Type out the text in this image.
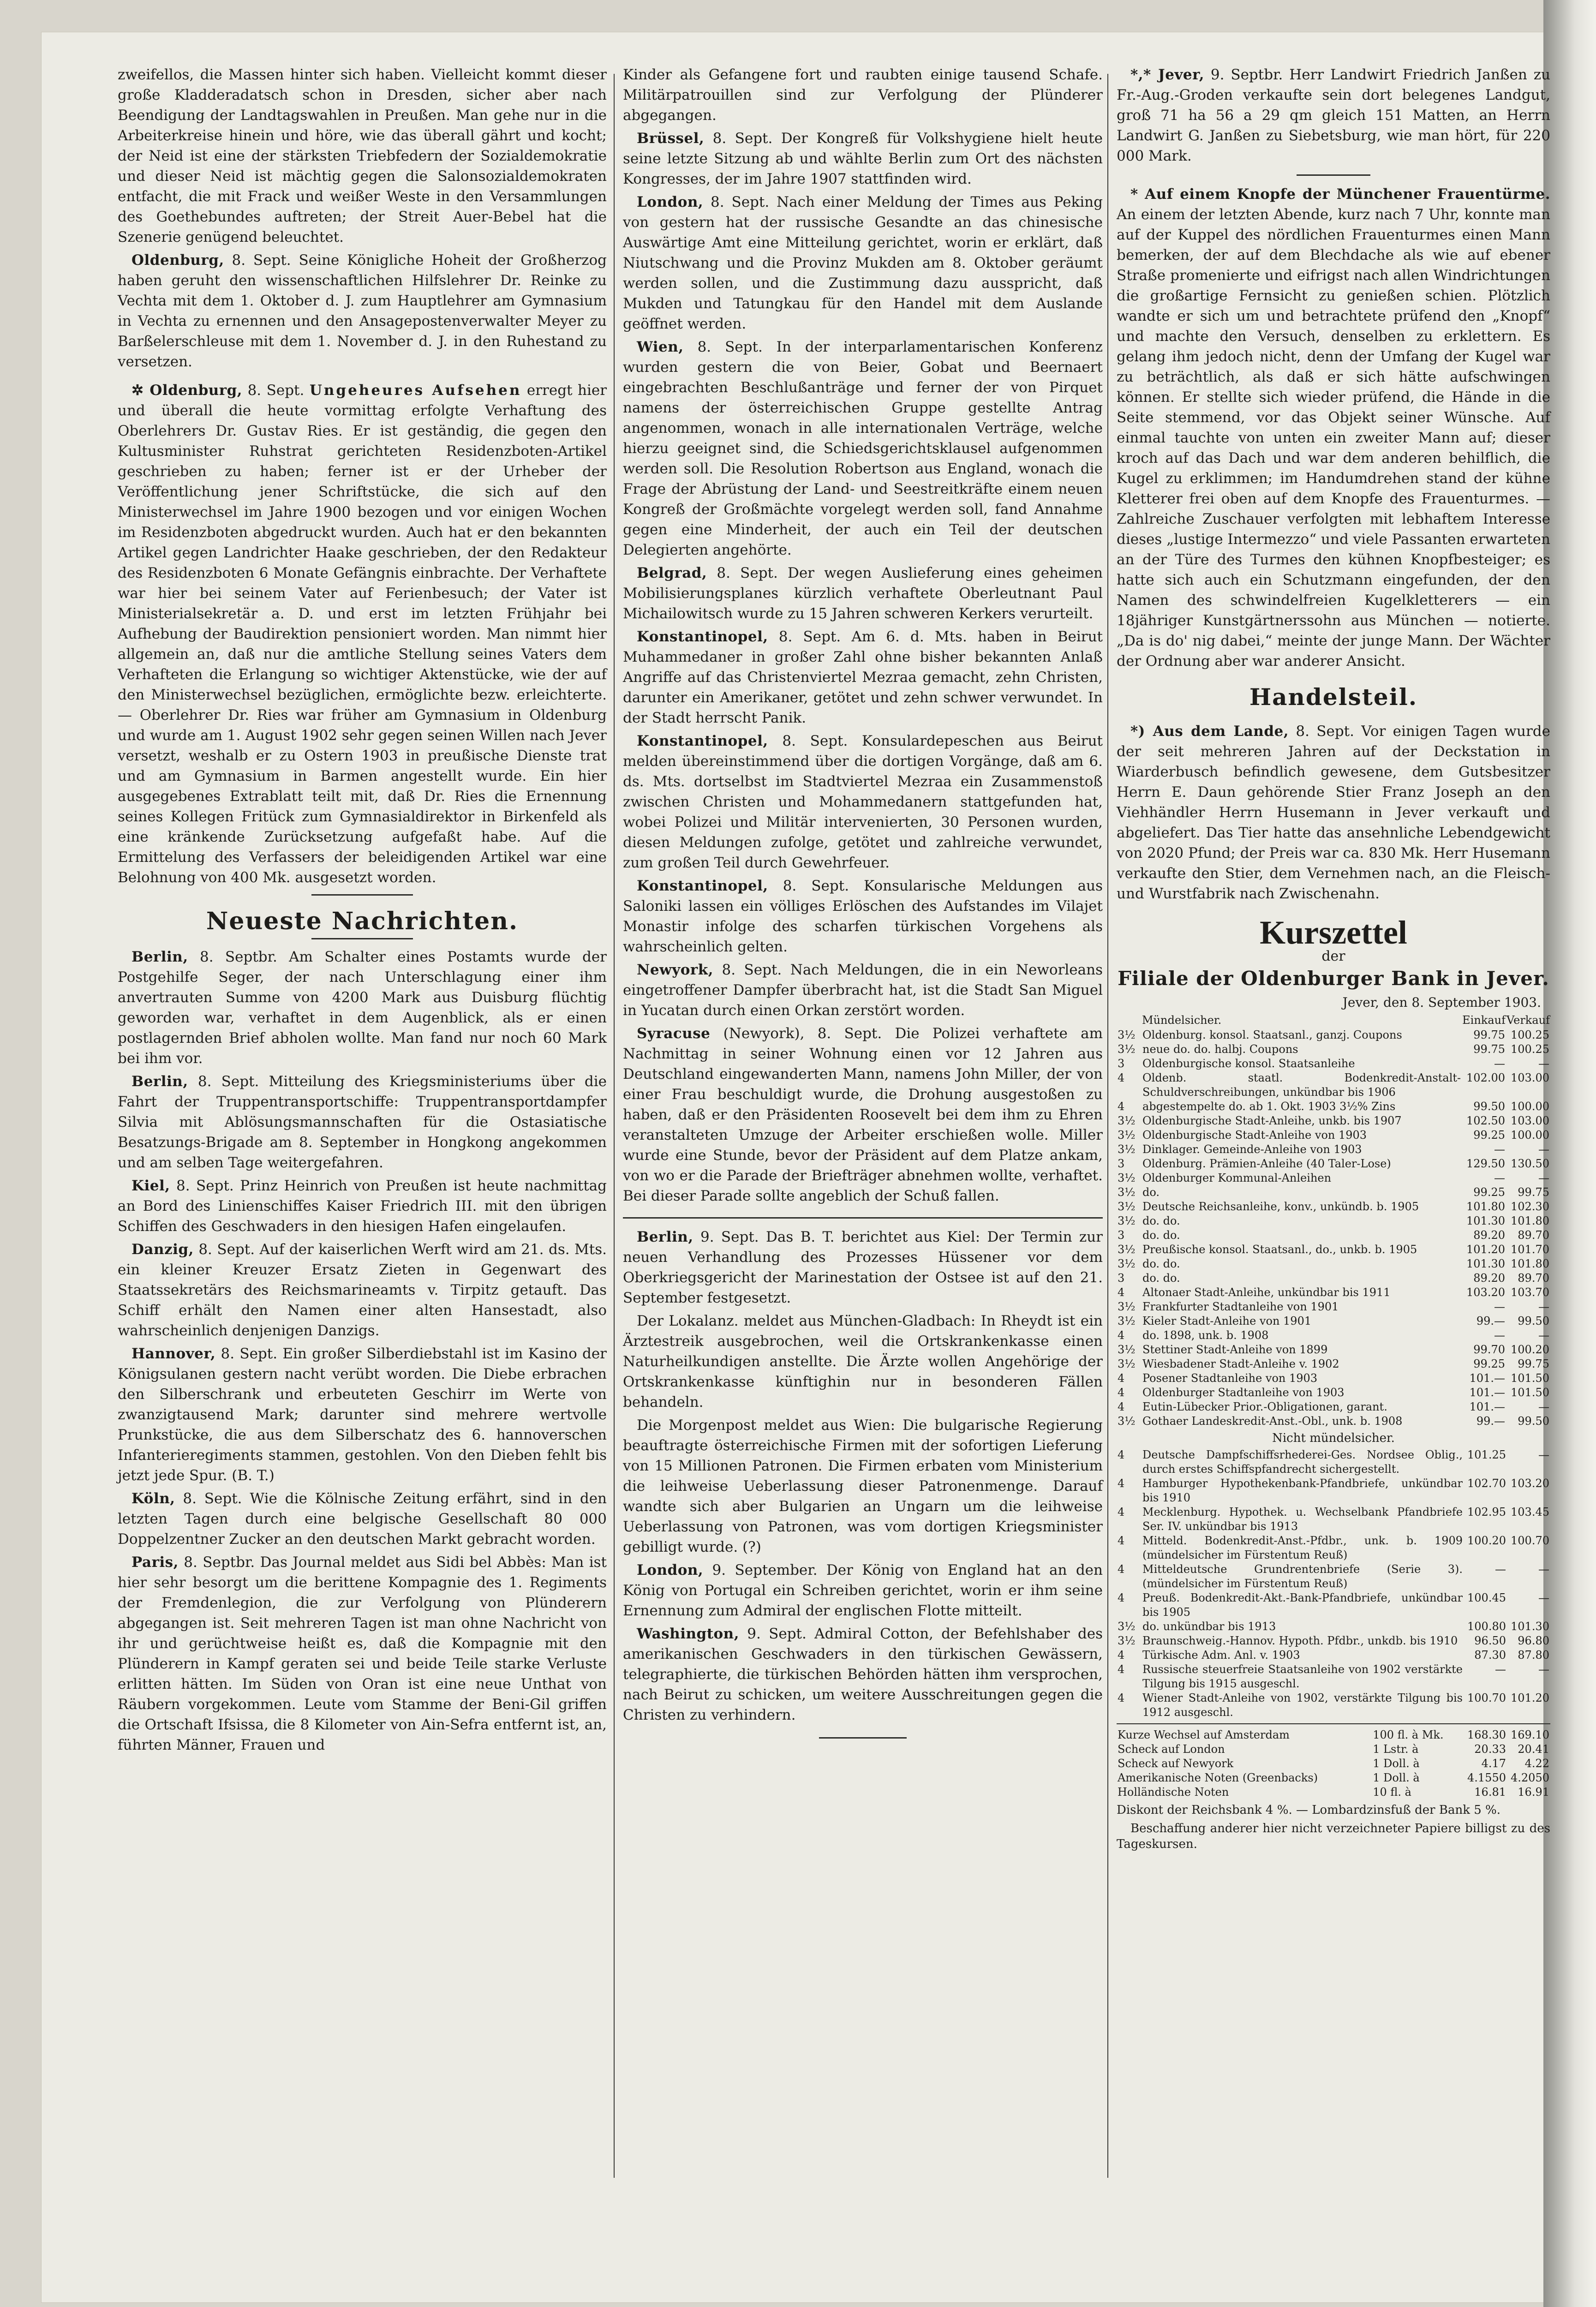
zweifellos, die Massen hinter sich haben. Vielleicht kommt dieser große Kladderadatsch schon in Dresden, sicher aber nach Beendigung der Landtagswahlen in Preußen. Man gehe nur in die Arbeiterkreise hinein und höre, wie das überall gährt und kocht; der Neid ist eine der stärksten Triebfedern der Sozialdemokratie und dieser Neid ist mächtig gegen die Salonsozialdemokraten entfacht, die mit Frack und weißer Weste in den Versammlungen des Goethebundes auftreten; der Streit Auer-Bebel hat die Szenerie genügend beleuchtet.

Oldenburg, 8. Sept. Seine Königliche Hoheit der Großherzog haben geruht den wissenschaftlichen Hilfslehrer Dr. Reinke zu Vechta mit dem 1. Oktober d. J. zum Hauptlehrer am Gymnasium in Vechta zu ernennen und den Ansagepostenverwalter Meyer zu Barßelerschleuse mit dem 1. November d. J. in den Ruhestand zu versetzen.

✲ Oldenburg, 8. Sept. Ungeheures Aufsehen erregt hier und überall die heute vormittag erfolgte Verhaftung des Oberlehrers Dr. Gustav Ries. Er ist geständig, die gegen den Kultusminister Ruhstrat gerichteten Residenzboten-Artikel geschrieben zu haben; ferner ist er der Urheber der Veröffentlichung jener Schriftstücke, die sich auf den Ministerwechsel im Jahre 1900 bezogen und vor einigen Wochen im Residenzboten abgedruckt wurden. Auch hat er den bekannten Artikel gegen Landrichter Haake geschrieben, der den Redakteur des Residenzboten 6 Monate Gefängnis einbrachte. Der Verhaftete war hier bei seinem Vater auf Ferienbesuch; der Vater ist Ministerialsekretär a. D. und erst im letzten Frühjahr bei Aufhebung der Baudirektion pensioniert worden. Man nimmt hier allgemein an, daß nur die amtliche Stellung seines Vaters dem Verhafteten die Erlangung so wichtiger Aktenstücke, wie der auf den Ministerwechsel bezüglichen, ermöglichte bezw. erleichterte. — Oberlehrer Dr. Ries war früher am Gymnasium in Oldenburg und wurde am 1. August 1902 sehr gegen seinen Willen nach Jever versetzt, weshalb er zu Ostern 1903 in preußische Dienste trat und am Gymnasium in Barmen angestellt wurde. Ein hier ausgegebenes Extrablatt teilt mit, daß Dr. Ries die Ernennung seines Kollegen Fritück zum Gymnasialdirektor in Birkenfeld als eine kränkende Zurücksetzung aufgefaßt habe. Auf die Ermittelung des Verfassers der beleidigenden Artikel war eine Belohnung von 400 Mk. ausgesetzt worden.

Neueste Nachrichten.

Berlin, 8. Septbr. Am Schalter eines Postamts wurde der Postgehilfe Seger, der nach Unterschlagung einer ihm anvertrauten Summe von 4200 Mark aus Duisburg flüchtig geworden war, verhaftet in dem Augenblick, als er einen postlagernden Brief abholen wollte. Man fand nur noch 60 Mark bei ihm vor.

Berlin, 8. Sept. Mitteilung des Kriegsministeriums über die Fahrt der Truppentransportschiffe: Truppentransportdampfer Silvia mit Ablösungsmannschaften für die Ostasiatische Besatzungs-Brigade am 8. September in Hongkong angekommen und am selben Tage weitergefahren.

Kiel, 8. Sept. Prinz Heinrich von Preußen ist heute nachmittag an Bord des Linienschiffes Kaiser Friedrich III. mit den übrigen Schiffen des Geschwaders in den hiesigen Hafen eingelaufen.

Danzig, 8. Sept. Auf der kaiserlichen Werft wird am 21. ds. Mts. ein kleiner Kreuzer Ersatz Zieten in Gegenwart des Staatssekretärs des Reichsmarineamts v. Tirpitz getauft. Das Schiff erhält den Namen einer alten Hansestadt, also wahrscheinlich denjenigen Danzigs.

Hannover, 8. Sept. Ein großer Silberdiebstahl ist im Kasino der Königsulanen gestern nacht verübt worden. Die Diebe erbrachen den Silberschrank und erbeuteten Geschirr im Werte von zwanzigtausend Mark; darunter sind mehrere wertvolle Prunkstücke, die aus dem Silberschatz des 6. hannoverschen Infanterieregiments stammen, gestohlen. Von den Dieben fehlt bis jetzt jede Spur. (B. T.)

Köln, 8. Sept. Wie die Kölnische Zeitung erfährt, sind in den letzten Tagen durch eine belgische Gesellschaft 80 000 Doppelzentner Zucker an den deutschen Markt gebracht worden.

Paris, 8. Septbr. Das Journal meldet aus Sidi bel Abbès: Man ist hier sehr besorgt um die berittene Kompagnie des 1. Regiments der Fremdenlegion, die zur Verfolgung von Plünderern abgegangen ist. Seit mehreren Tagen ist man ohne Nachricht von ihr und gerüchtweise heißt es, daß die Kompagnie mit den Plünderern in Kampf geraten sei und beide Teile starke Verluste erlitten hätten. Im Süden von Oran ist eine neue Unthat von Räubern vorgekommen. Leute vom Stamme der Beni-Gil griffen die Ortschaft Ifsissa, die 8 Kilometer von Ain-Sefra entfernt ist, an, führten Männer, Frauen und

Kinder als Gefangene fort und raubten einige tausend Schafe. Militärpatrouillen sind zur Verfolgung der Plünderer abgegangen.

Brüssel, 8. Sept. Der Kongreß für Volkshygiene hielt heute seine letzte Sitzung ab und wählte Berlin zum Ort des nächsten Kongresses, der im Jahre 1907 stattfinden wird.

London, 8. Sept. Nach einer Meldung der Times aus Peking von gestern hat der russische Gesandte an das chinesische Auswärtige Amt eine Mitteilung gerichtet, worin er erklärt, daß Niutschwang und die Provinz Mukden am 8. Oktober geräumt werden sollen, und die Zustimmung dazu ausspricht, daß Mukden und Tatungkau für den Handel mit dem Auslande geöffnet werden.

Wien, 8. Sept. In der interparlamentarischen Konferenz wurden gestern die von Beier, Gobat und Beernaert eingebrachten Beschlußanträge und ferner der von Pirquet namens der österreichischen Gruppe gestellte Antrag angenommen, wonach in alle internationalen Verträge, welche hierzu geeignet sind, die Schiedsgerichtsklausel aufgenommen werden soll. Die Resolution Robertson aus England, wonach die Frage der Abrüstung der Land- und Seestreitkräfte einem neuen Kongreß der Großmächte vorgelegt werden soll, fand Annahme gegen eine Minderheit, der auch ein Teil der deutschen Delegierten angehörte.

Belgrad, 8. Sept. Der wegen Auslieferung eines geheimen Mobilisierungsplanes kürzlich verhaftete Oberleutnant Paul Michailowitsch wurde zu 15 Jahren schweren Kerkers verurteilt.

Konstantinopel, 8. Sept. Am 6. d. Mts. haben in Beirut Muhammedaner in großer Zahl ohne bisher bekannten Anlaß Angriffe auf das Christenviertel Mezraa gemacht, zehn Christen, darunter ein Amerikaner, getötet und zehn schwer verwundet. In der Stadt herrscht Panik.

Konstantinopel, 8. Sept. Konsulardepeschen aus Beirut melden übereinstimmend über die dortigen Vorgänge, daß am 6. ds. Mts. dortselbst im Stadtviertel Mezraa ein Zusammenstoß zwischen Christen und Mohammedanern stattgefunden hat, wobei Polizei und Militär intervenierten, 30 Personen wurden, diesen Meldungen zufolge, getötet und zahlreiche verwundet, zum großen Teil durch Gewehrfeuer.

Konstantinopel, 8. Sept. Konsularische Meldungen aus Saloniki lassen ein völliges Erlöschen des Aufstandes im Vilajet Monastir infolge des scharfen türkischen Vorgehens als wahrscheinlich gelten.

Newyork, 8. Sept. Nach Meldungen, die in ein Neworleans eingetroffener Dampfer überbracht hat, ist die Stadt San Miguel in Yucatan durch einen Orkan zerstört worden.

Syracuse (Newyork), 8. Sept. Die Polizei verhaftete am Nachmittag in seiner Wohnung einen vor 12 Jahren aus Deutschland eingewanderten Mann, namens John Miller, der von einer Frau beschuldigt wurde, die Drohung ausgestoßen zu haben, daß er den Präsidenten Roosevelt bei dem ihm zu Ehren veranstalteten Umzuge der Arbeiter erschießen wolle. Miller wurde eine Stunde, bevor der Präsident auf dem Platze ankam, von wo er die Parade der Briefträger abnehmen wollte, verhaftet. Bei dieser Parade sollte angeblich der Schuß fallen.

Berlin, 9. Sept. Das B. T. berichtet aus Kiel: Der Termin zur neuen Verhandlung des Prozesses Hüssener vor dem Oberkriegsgericht der Marinestation der Ostsee ist auf den 21. September festgesetzt.

Der Lokalanz. meldet aus München-Gladbach: In Rheydt ist ein Ärztestreik ausgebrochen, weil die Ortskrankenkasse einen Naturheilkundigen anstellte. Die Ärzte wollen Angehörige der Ortskrankenkasse künftighin nur in besonderen Fällen behandeln.

Die Morgenpost meldet aus Wien: Die bulgarische Regierung beauftragte österreichische Firmen mit der sofortigen Lieferung von 15 Millionen Patronen. Die Firmen erbaten vom Ministerium die leihweise Ueberlassung dieser Patronenmenge. Darauf wandte sich aber Bulgarien an Ungarn um die leihweise Ueberlassung von Patronen, was vom dortigen Kriegsminister gebilligt wurde. (?)

London, 9. September. Der König von England hat an den König von Portugal ein Schreiben gerichtet, worin er ihm seine Ernennung zum Admiral der englischen Flotte mitteilt.

Washington, 9. Sept. Admiral Cotton, der Befehlshaber des amerikanischen Geschwaders in den türkischen Gewässern, telegraphierte, die türkischen Behörden hätten ihm versprochen, nach Beirut zu schicken, um weitere Ausschreitungen gegen die Christen zu verhindern.

*,* Jever, 9. Septbr. Herr Landwirt Friedrich Janßen zu Fr.-Aug.-Groden verkaufte sein dort belegenes Landgut, groß 71 ha 56 a 29 qm gleich 151 Matten, an Herrn Landwirt G. Janßen zu Siebetsburg, wie man hört, für 220 000 Mark.

* Auf einem Knopfe der Münchener Frauentürme. An einem der letzten Abende, kurz nach 7 Uhr, konnte man auf der Kuppel des nördlichen Frauenturmes einen Mann bemerken, der auf dem Blechdache als wie auf ebener Straße promenierte und eifrigst nach allen Windrichtungen die großartige Fernsicht zu genießen schien. Plötzlich wandte er sich um und betrachtete prüfend den „Knopf“ und machte den Versuch, denselben zu erklettern. Es gelang ihm jedoch nicht, denn der Umfang der Kugel war zu beträchtlich, als daß er sich hätte aufschwingen können. Er stellte sich wieder prüfend, die Hände in die Seite stemmend, vor das Objekt seiner Wünsche. Auf einmal tauchte von unten ein zweiter Mann auf; dieser kroch auf das Dach und war dem anderen behilflich, die Kugel zu erklimmen; im Handumdrehen stand der kühne Kletterer frei oben auf dem Knopfe des Frauenturmes. — Zahlreiche Zuschauer verfolgten mit lebhaftem Interesse dieses „lustige Intermezzo“ und viele Passanten erwarteten an der Türe des Turmes den kühnen Knopfbesteiger; es hatte sich auch ein Schutzmann eingefunden, der den Namen des schwindelfreien Kugelkletterers — ein 18jähriger Kunstgärtnerssohn aus München — notierte. „Da is do' nig dabei,“ meinte der junge Mann. Der Wächter der Ordnung aber war anderer Ansicht.

Handelsteil.

*) Aus dem Lande, 8. Sept. Vor einigen Tagen wurde der seit mehreren Jahren auf der Deckstation in Wiarderbusch befindlich gewesene, dem Gutsbesitzer Herrn E. Daun gehörende Stier Franz Joseph an den Viehhändler Herrn Husemann in Jever verkauft und abgeliefert. Das Tier hatte das ansehnliche Lebendgewicht von 2020 Pfund; der Preis war ca. 830 Mk. Herr Husemann verkaufte den Stier, dem Vernehmen nach, an die Fleisch- und Wurstfabrik nach Zwischenahn.

Kurszettel
der
Filiale der Oldenburger Bank in Jever.
Jever, den 8. September 1903.
	Mündelsicher.	Einkauf	Verkauf
3½	Oldenburg. konsol. Staatsanl., ganzj. Coupons	99.75	100.25
3½	neue do. do. halbj. Coupons	99.75	100.25
3	Oldenburgische konsol. Staatsanleihe	—	—
4	Oldenb. staatl. Bodenkredit-Anstalt-Schuldverschreibungen, unkündbar bis 1906	102.00	103.00
4	abgestempelte do. ab 1. Okt. 1903 3½% Zins	99.50	100.00
3½	Oldenburgische Stadt-Anleihe, unkb. bis 1907	102.50	103.00
3½	Oldenburgische Stadt-Anleihe von 1903	99.25	100.00
3½	Dinklager. Gemeinde-Anleihe von 1903	—	—
3	Oldenburg. Prämien-Anleihe (40 Taler-Lose)	129.50	130.50
3½	Oldenburger Kommunal-Anleihen	—	—
3½	do.	99.25	99.75
3½	Deutsche Reichsanleihe, konv., unkündb. b. 1905	101.80	102.30
3½	do. do.	101.30	101.80
3	do. do.	89.20	89.70
3½	Preußische konsol. Staatsanl., do., unkb. b. 1905	101.20	101.70
3½	do. do.	101.30	101.80
3	do. do.	89.20	89.70
4	Altonaer Stadt-Anleihe, unkündbar bis 1911	103.20	103.70
3½	Frankfurter Stadtanleihe von 1901	—	—
3½	Kieler Stadt-Anleihe von 1901	99.—	99.50
4	do. 1898, unk. b. 1908	—	—
3½	Stettiner Stadt-Anleihe von 1899	99.70	100.20
3½	Wiesbadener Stadt-Anleihe v. 1902	99.25	99.75
4	Posener Stadtanleihe von 1903	101.—	101.50
4	Oldenburger Stadtanleihe von 1903	101.—	101.50
4	Eutin-Lübecker Prior.-Obligationen, garant.	101.—	—
3½	Gothaer Landeskredit-Anst.-Obl., unk. b. 1908	99.—	99.50
Nicht mündelsicher.
4	Deutsche Dampfschiffsrhederei-Ges. Nordsee Oblig., durch erstes Schiffspfandrecht sichergestellt.	101.25	—
4	Hamburger Hypothekenbank-Pfandbriefe, unkündbar bis 1910	102.70	103.20
4	Mecklenburg. Hypothek. u. Wechselbank Pfandbriefe Ser. IV. unkündbar bis 1913	102.95	103.45
4	Mitteld. Bodenkredit-Anst.-Pfdbr., unk. b. 1909 (mündelsicher im Fürstentum Reuß)	100.20	100.70
4	Mitteldeutsche Grundrentenbriefe (Serie 3). (mündelsicher im Fürstentum Reuß)	—	—
4	Preuß. Bodenkredit-Akt.-Bank-Pfandbriefe, unkündbar bis 1905	100.45	—
3½	do. unkündbar bis 1913	100.80	101.30
3½	Braunschweig.-Hannov. Hypoth. Pfdbr., unkdb. bis 1910	96.50	96.80
4	Türkische Adm. Anl. v. 1903	87.30	87.80
4	Russische steuerfreie Staatsanleihe von 1902 verstärkte Tilgung bis 1915 ausgeschl.	—	—
4	Wiener Stadt-Anleihe von 1902, verstärkte Tilgung bis 1912 ausgeschl.	100.70	101.20
Kurze Wechsel auf Amsterdam	100 fl. à Mk.	168.30	169.10
Scheck auf London	1 Lstr. à	20.33	20.41
Scheck auf Newyork	1 Doll. à	4.17	4.22
Amerikanische Noten (Greenbacks)	1 Doll. à	4.1550	4.2050
Holländische Noten	10 fl. à	16.81	16.91

Diskont der Reichsbank 4 %. — Lombardzinsfuß der Bank 5 %.

Beschaffung anderer hier nicht verzeichneter Papiere billigst zu des Tageskursen.
